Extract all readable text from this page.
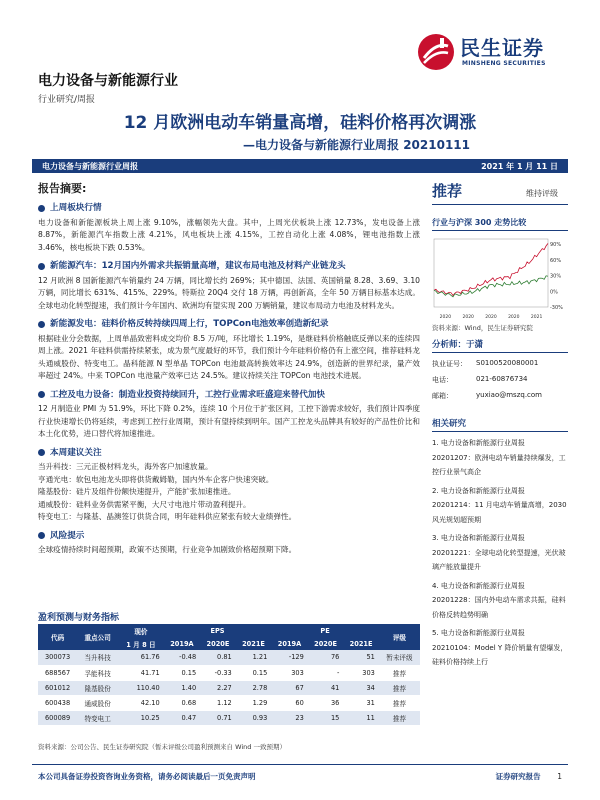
民生证券
MINSHENG SECURITIES
电力设备与新能源行业
行业研究/周报
12 月欧洲电动车销量高增，硅料价格再次调涨
—电力设备与新能源行业周报 20210111
电力设备与新能源行业周报	2021 年 1 月 11 日
报告摘要:
上周板块行情
电力设备和新能源板块上周上涨 9.10%，涨幅领先大盘。其中，上周光伏板块上涨 12.73%，发电设备上涨 8.87%，新能源汽车指数上涨 4.21%，风电板块上涨 4.15%，工控自动化上涨 4.08%，锂电池指数上涨 3.46%，核电板块下跌 0.53%。
新能源汽车：12月国内外需求共振销量高增，建议布局电池及材料产业链龙头
12 月欧洲 8 国新能源汽车销量约 24 万辆，同比增长约 269%；其中德国、法国、英国销量 8.28、3.69、3.10 万辆，同比增长 631%、415%、229%。特斯拉 20Q4 交付 18 万辆，再创新高，全年 50 万辆目标基本达成。全球电动化转型提速，我们预计今年国内、欧洲均有望实现 200 万辆销量，建议布局动力电池及材料龙头。
新能源发电：硅料价格反转持续四周上行，TOPCon电池效率创造新纪录
根据硅业分会数据，上周单晶致密料成交均价 8.5 万/吨，环比增长 1.19%，是继硅料价格触底反弹以来的连续四周上涨。2021 年硅料供需持续紧张，成为景气度最好的环节，我们预计今年硅料价格仍有上涨空间，推荐硅料龙头通威股份、特变电工。晶科能源 N 型单晶 TOPCon 电池最高转换效率达 24.9%，创造新的世界纪录，量产效率超过 24%。中来 TOPCon 电池量产效率已达 24.5%。建议持续关注 TOPCon 电池技术进展。
工控及电力设备：制造业投资持续回升，工控行业需求旺盛迎来替代加快
12 月制造业 PMI 为 51.9%，环比下降 0.2%，连续 10 个月位于扩张区间，工控下游需求较好，我们预计四季度行业快速增长仍将延续，考虑到工控行业周期，预计有望持续到明年。国产工控龙头品牌具有较好的产品性价比和本土化优势，进口替代将加速推进。
本周建议关注
当升科技：三元正极材料龙头，海外客户加速放量。
亨通光电：软包电池龙头即将供货戴姆勒，国内外车企客户快速突破。
隆基股份：硅片及组件份额快速提升，产能扩张加速推进。
通威股份：硅料业务供需紧平衡，大尺寸电池片带动盈利提升。
特变电工：与隆基、晶澳签订供货合同，明年硅料供应紧张有较大业绩弹性。
风险提示
全球疫情持续时间超预期，政策不达预期，行业竞争加剧致价格超预期下降。
盈利预测与财务指标
代码	重点公司	现价	EPS			PE			评级
		1 月 8 日	2019A	2020E	2021E	2019A	2020E	2021E	
300073	当升科技	61.76	-0.48	0.81	1.21	-129	76	51	暂未评级
688567	孚能科技	41.71	0.15	-0.33	0.15	303	-	303	推荐
601012	隆基股份	110.40	1.40	2.27	2.78	67	41	34	推荐
600438	通威股份	42.10	0.68	1.12	1.29	60	36	31	推荐
600089	特变电工	10.25	0.47	0.71	0.93	23	15	11	推荐
资料来源：公司公告、民生证券研究院（暂未评级公司盈利预测来自 Wind 一致预期）
推荐	维持评级
行业与沪深 300 走势比较
90%
60%
30%
0%
-30%
2020	2020	2020	2020	2021
资料来源：Wind，民生证券研究院
分析师：于潇
执业证号：	S0100520080001
电话：	021-60876734
邮箱：	yuxiao@mszq.com
相关研究
1. 电力设备和新能源行业周报 20201207：欧洲电动车销量持续爆发，工控行业景气高企
2. 电力设备和新能源行业周报 20201214：11 月电动车销量高增，2030 风光规划超预期
3. 电力设备和新能源行业周报 20201221：全球电动化转型提速，光伏玻璃产能放量提升
4. 电力设备和新能源行业周报 20201228：国内外电动车需求共振，硅料价格反转趋势明确
5. 电力设备和新能源行业周报 20210104：Model Y 降价销量有望爆发，硅料价格持续上行
本公司具备证券投资咨询业务资格，请务必阅读最后一页免责声明	证券研究报告 1
